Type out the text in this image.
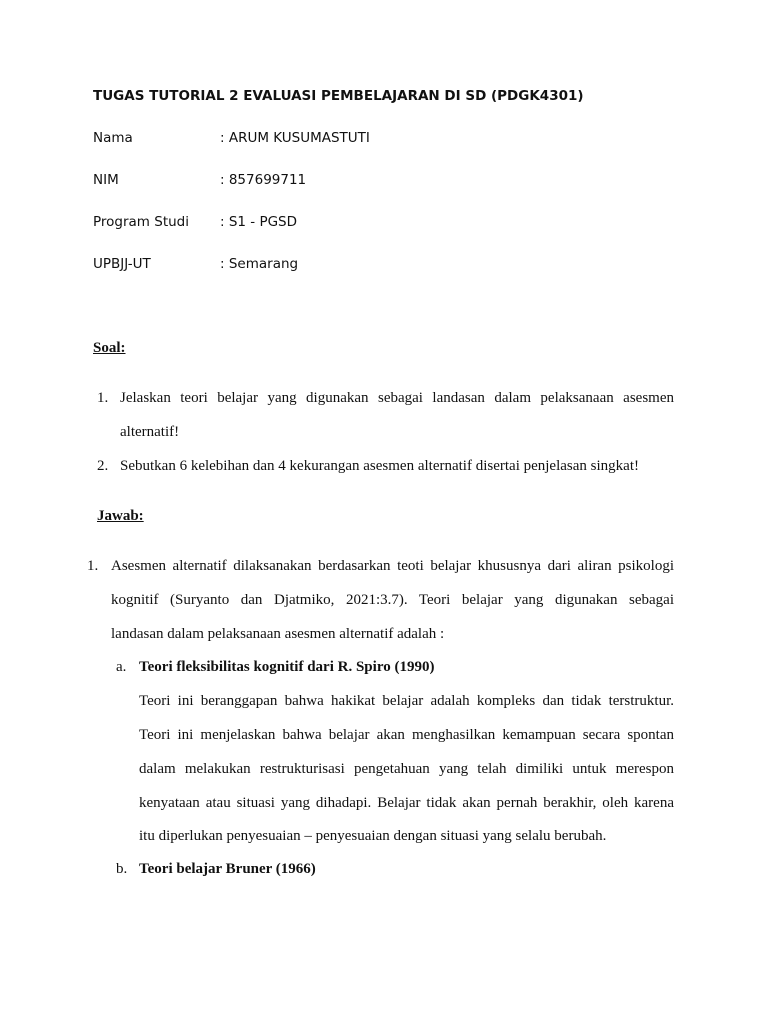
TUGAS TUTORIAL 2 EVALUASI PEMBELAJARAN DI SD (PDGK4301)
Nama	: ARUM KUSUMASTUTI
NIM	: 857699711
Program Studi : S1 - PGSD
UPBJJ-UT	: Semarang
Soal:
1. Jelaskan teori belajar yang digunakan sebagai landasan dalam pelaksanaan asesmen
alternatif!
2. Sebutkan 6 kelebihan dan 4 kekurangan asesmen alternatif disertai penjelasan singkat!
Jawab:
1. Asesmen alternatif dilaksanakan berdasarkan teoti belajar khususnya dari aliran psikologi
kognitif (Suryanto dan Djatmiko, 2021:3.7). Teori belajar yang digunakan sebagai
landasan dalam pelaksanaan asesmen alternatif adalah :
a. Teori fleksibilitas kognitif dari R. Spiro (1990)
Teori ini beranggapan bahwa hakikat belajar adalah kompleks dan tidak terstruktur.
Teori ini menjelaskan bahwa belajar akan menghasilkan kemampuan secara spontan
dalam melakukan restrukturisasi pengetahuan yang telah dimiliki untuk merespon
kenyataan atau situasi yang dihadapi. Belajar tidak akan pernah berakhir, oleh karena
itu diperlukan penyesuaian – penyesuaian dengan situasi yang selalu berubah.
b. Teori belajar Bruner (1966)
